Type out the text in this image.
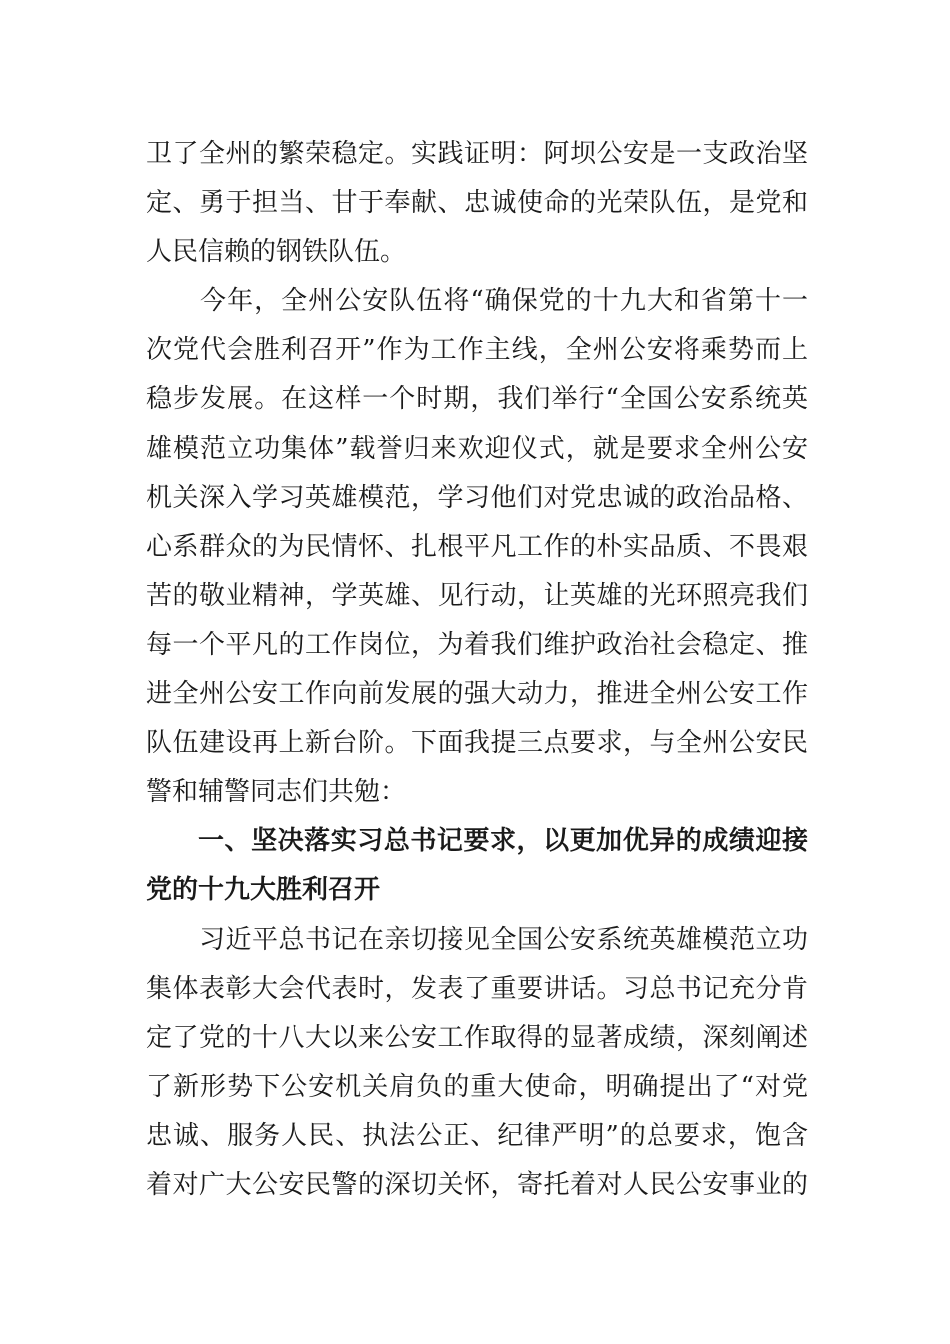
卫了全州的繁荣稳定。实践证明：阿坝公安是一支政治坚
定、勇于担当、甘于奉献、忠诚使命的光荣队伍，是党和
人民信赖的钢铁队伍。
　　今年，全州公安队伍将“确保党的十九大和省第十一
次党代会胜利召开”作为工作主线，全州公安将乘势而上
稳步发展。在这样一个时期，我们举行“全国公安系统英
雄模范立功集体”载誉归来欢迎仪式，就是要求全州公安
机关深入学习英雄模范，学习他们对党忠诚的政治品格、
心系群众的为民情怀、扎根平凡工作的朴实品质、不畏艰
苦的敬业精神，学英雄、见行动，让英雄的光环照亮我们
每一个平凡的工作岗位，为着我们维护政治社会稳定、推
进全州公安工作向前发展的强大动力，推进全州公安工作
队伍建设再上新台阶。下面我提三点要求，与全州公安民
警和辅警同志们共勉：
一、坚决落实习总书记要求，以更加优异的成绩迎接
党的十九大胜利召开
　　习近平总书记在亲切接见全国公安系统英雄模范立功
集体表彰大会代表时，发表了重要讲话。习总书记充分肯
定了党的十八大以来公安工作取得的显著成绩，深刻阐述
了新形势下公安机关肩负的重大使命，明确提出了“对党
忠诚、服务人民、执法公正、纪律严明”的总要求，饱含
着对广大公安民警的深切关怀，寄托着对人民公安事业的
